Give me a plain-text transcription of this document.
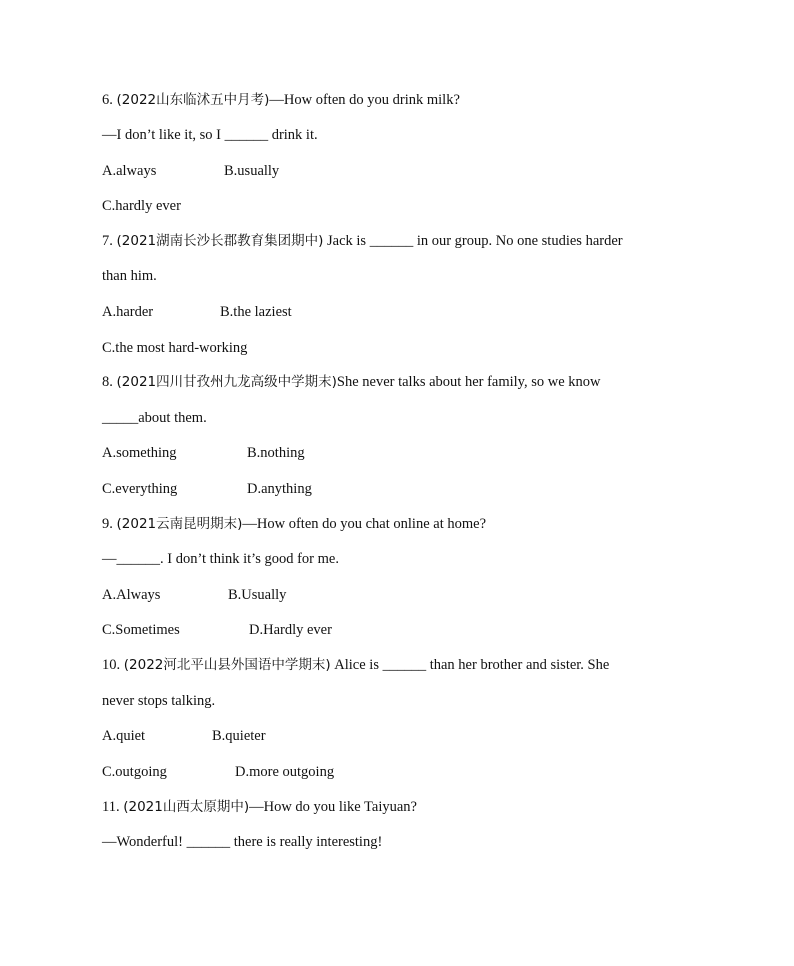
6. (2022山东临沭五中月考)—How often do you drink milk?
—I don’t like it, so I ______ drink it.
A.always	B.usually
C.hardly ever
7. (2021湖南长沙长郡教育集团期中) Jack is ______ in our group. No one studies harder
than him.
A.harder	B.the laziest
C.the most hard-working
8. (2021四川甘孜州九龙高级中学期末)She never talks about her family, so we know
_____about them.
A.something	B.nothing
C.everything	D.anything
9. (2021云南昆明期末)—How often do you chat online at home?
—______. I don’t think it’s good for me.
A.Always	B.Usually
C.Sometimes	D.Hardly ever
10. (2022河北平山县外国语中学期末) Alice is ______ than her brother and sister. She
never stops talking.
A.quiet	B.quieter
C.outgoing	D.more outgoing
11. (2021山西太原期中)—How do you like Taiyuan?
—Wonderful! ______ there is really interesting!
